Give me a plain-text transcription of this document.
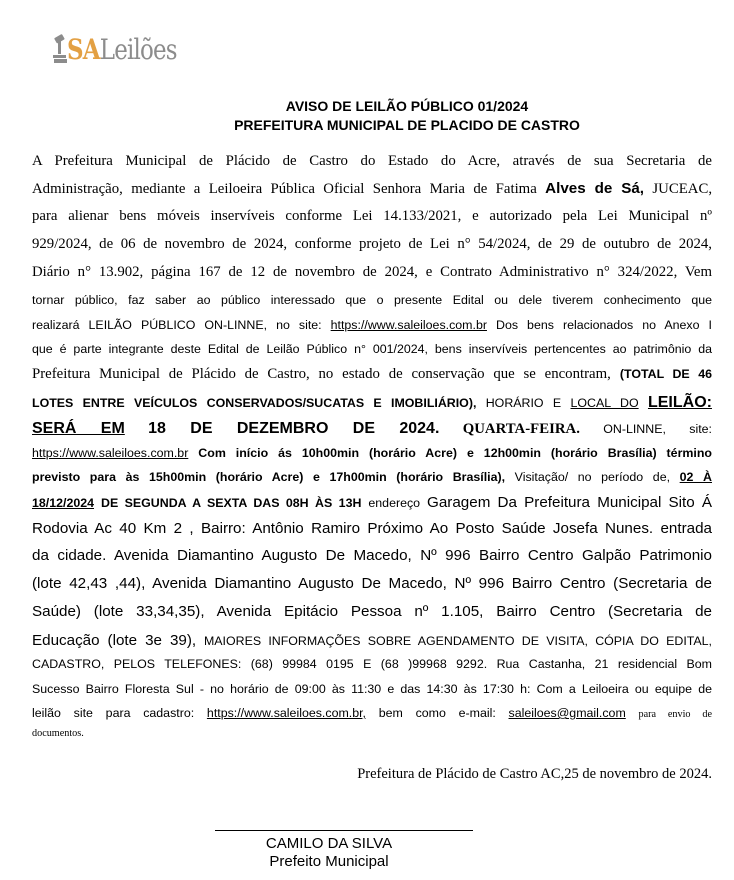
SALeilões
AVISO DE LEILÃO PÚBLICO 01/2024
PREFEITURA MUNICIPAL DE PLACIDO DE CASTRO
A Prefeitura Municipal de Plácido de Castro do Estado do Acre, através de sua Secretaria de
Administração, mediante a Leiloeira Pública Oficial Senhora Maria de Fatima Alves de Sá, JUCEAC,
para alienar bens móveis inservíveis conforme Lei 14.133/2021, e autorizado pela Lei Municipal nº
929/2024, de 06 de novembro de 2024, conforme projeto de Lei n° 54/2024, de 29 de outubro de 2024,
Diário n° 13.902, página 167 de 12 de novembro de 2024, e Contrato Administrativo n° 324/2022, Vem
tornar público, faz saber ao público interessado que o presente Edital ou dele tiverem conhecimento que
realizará LEILÃO PÚBLICO ON-LINNE, no site: https://www.saleiloes.com.br Dos bens relacionados no Anexo I
que é parte integrante deste Edital de Leilão Público n° 001/2024, bens inservíveis pertencentes ao patrimônio da
Prefeitura Municipal de Plácido de Castro, no estado de conservação que se encontram, (TOTAL DE 46
LOTES ENTRE VEÍCULOS CONSERVADOS/SUCATAS E IMOBILIÁRIO), HORÁRIO E LOCAL DO LEILÃO:
SERÁ EM 18 DE DEZEMBRO DE 2024. QUARTA-FEIRA. ON-LINNE, site:
https://www.saleiloes.com.br Com início ás 10h00min (horário Acre) e 12h00min (horário Brasília) término
previsto para às 15h00min (horário Acre) e 17h00min (horário Brasília), Visitação/ no período de, 02 À
18/12/2024 DE SEGUNDA A SEXTA DAS 08H ÀS 13H endereço Garagem Da Prefeitura Municipal Sito Á
Rodovia Ac 40 Km 2 , Bairro: Antônio Ramiro Próximo Ao Posto Saúde Josefa Nunes. entrada
da cidade. Avenida Diamantino Augusto De Macedo, Nº 996 Bairro Centro Galpão Patrimonio
(lote 42,43 ,44), Avenida Diamantino Augusto De Macedo, Nº 996 Bairro Centro (Secretaria de
Saúde) (lote 33,34,35), Avenida Epitácio Pessoa nº 1.105, Bairro Centro (Secretaria de
Educação (lote 3e 39), MAIORES INFORMAÇÕES SOBRE AGENDAMENTO DE VISITA, CÓPIA DO EDITAL,
CADASTRO, PELOS TELEFONES: (68) 99984 0195 E (68 )99968 9292. Rua Castanha, 21 residencial Bom
Sucesso Bairro Floresta Sul - no horário de 09:00 às 11:30 e das 14:30 às 17:30 h: Com a Leiloeira ou equipe de
leilão site para cadastro: https://www.saleiloes.com.br, bem como e-mail: saleiloes@gmail.com para envio de
documentos.
Prefeitura de Plácido de Castro AC,25 de novembro de 2024.
CAMILO DA SILVA
Prefeito Municipal
